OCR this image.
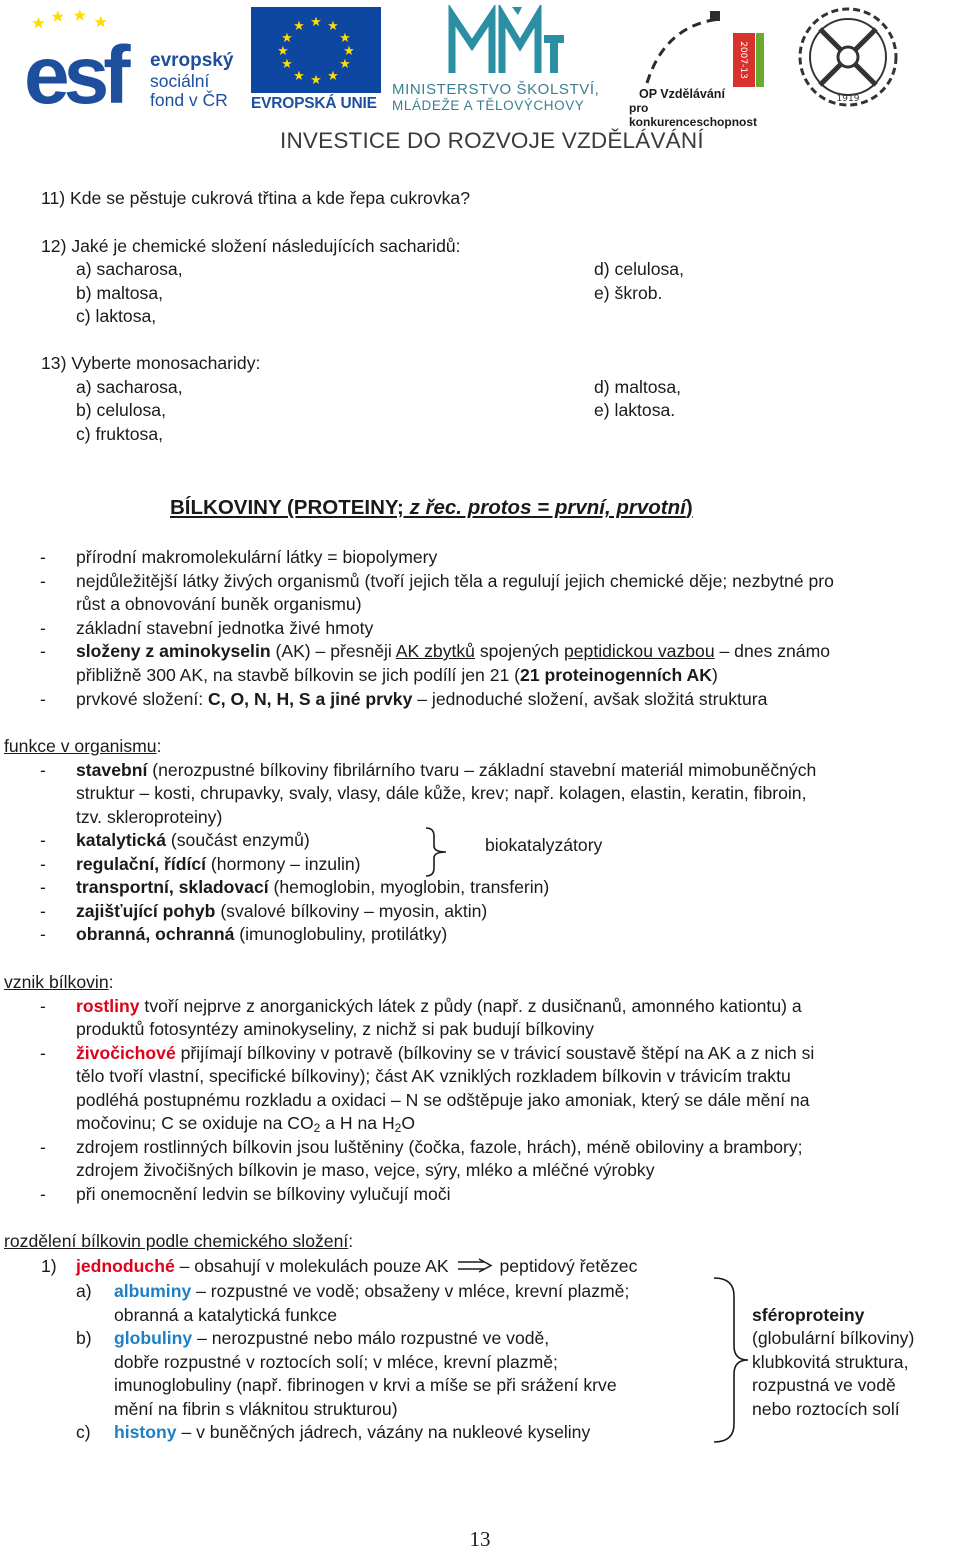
esf	evropský
sociální
fond v ČR
★ ★
★
★
★
★
★
★
★
★
★
★
EVROPSKÁ UNIE
MINISTERSTVO ŠKOLSTVÍ,
MLÁDEŽE A TĚLOVÝCHOVY
2007-13
OP Vzdělávání
pro konkurenceschopnost
1919
INVESTICE DO ROZVOJE VZDĚLÁVÁNÍ
11) Kde se pěstuje cukrová třtina a kde řepa cukrovka?
12) Jaké je chemické složení následujících sacharidů:
a) sacharosa,
b) maltosa,
c) laktosa,
d) celulosa,
e) škrob.
13) Vyberte monosacharidy:
a) sacharosa,
b) celulosa,
c) fruktosa,
d) maltosa,
e) laktosa.
BÍLKOVINY (PROTEINY; z řec. protos = první, prvotní)
- přírodní makromolekulární látky = biopolymery
- nejdůležitější látky živých organismů (tvoří jejich těla a regulují jejich chemické děje; nezbytné pro
růst a obnovování buněk organismu)
- základní stavební jednotka živé hmoty
- složeny z aminokyselin (AK) – přesněji AK zbytků spojených peptidickou vazbou – dnes známo
přibližně 300 AK, na stavbě bílkovin se jich podílí jen 21 (21 proteinogenních AK)
- prvkové složení: C, O, N, H, S a jiné prvky – jednoduché složení, avšak složitá struktura
funkce v organismu:
- stavební (nerozpustné bílkoviny fibrilárního tvaru – základní stavební materiál mimobuněčných
struktur – kosti, chrupavky, svaly, vlasy, dále kůže, krev; např. kolagen, elastin, keratin, fibroin,
tzv. skleroproteiny)
- katalytická (součást enzymů)
- regulační, řídící (hormony – inzulin)
biokatalyzátory
- transportní, skladovací (hemoglobin, myoglobin, transferin)
- zajišťující pohyb (svalové bílkoviny – myosin, aktin)
- obranná, ochranná (imunoglobuliny, protilátky)
vznik bílkovin:
- rostliny tvoří nejprve z anorganických látek z půdy (např. z dusičnanů, amonného kationtu) a
produktů fotosyntézy aminokyseliny, z nichž si pak budují bílkoviny
- živočichové přijímají bílkoviny v potravě (bílkoviny se v trávicí soustavě štěpí na AK a z nich si
tělo tvoří vlastní, specifické bílkoviny); část AK vzniklých rozkladem bílkovin v trávicím traktu
podléhá postupnému rozkladu a oxidaci – N se odštěpuje jako amoniak, který se dále mění na
močovinu; C se oxiduje na CO2 a H na H2O
- zdrojem rostlinných bílkovin jsou luštěniny (čočka, fazole, hrách), méně obiloviny a brambory;
zdrojem živočišných bílkovin je maso, vejce, sýry, mléko a mléčné výrobky
- při onemocnění ledvin se bílkoviny vylučují moči
rozdělení bílkovin podle chemického složení:
1) jednoduché – obsahují v molekulách pouze AK	peptidový řetězec
a) albuminy – rozpustné ve vodě; obsaženy v mléce, krevní plazmě;
obranná a katalytická funkce
b) globuliny – nerozpustné nebo málo rozpustné ve vodě,
dobře rozpustné v roztocích solí; v mléce, krevní plazmě;
imunoglobuliny (např. fibrinogen v krvi a míše se při srážení krve
mění na fibrin s vláknitou strukturou)
c) histony – v buněčných jádrech, vázány na nukleové kyseliny
sféroproteiny
(globulární bílkoviny)
klubkovitá struktura,
rozpustná ve vodě
nebo roztocích solí
13
